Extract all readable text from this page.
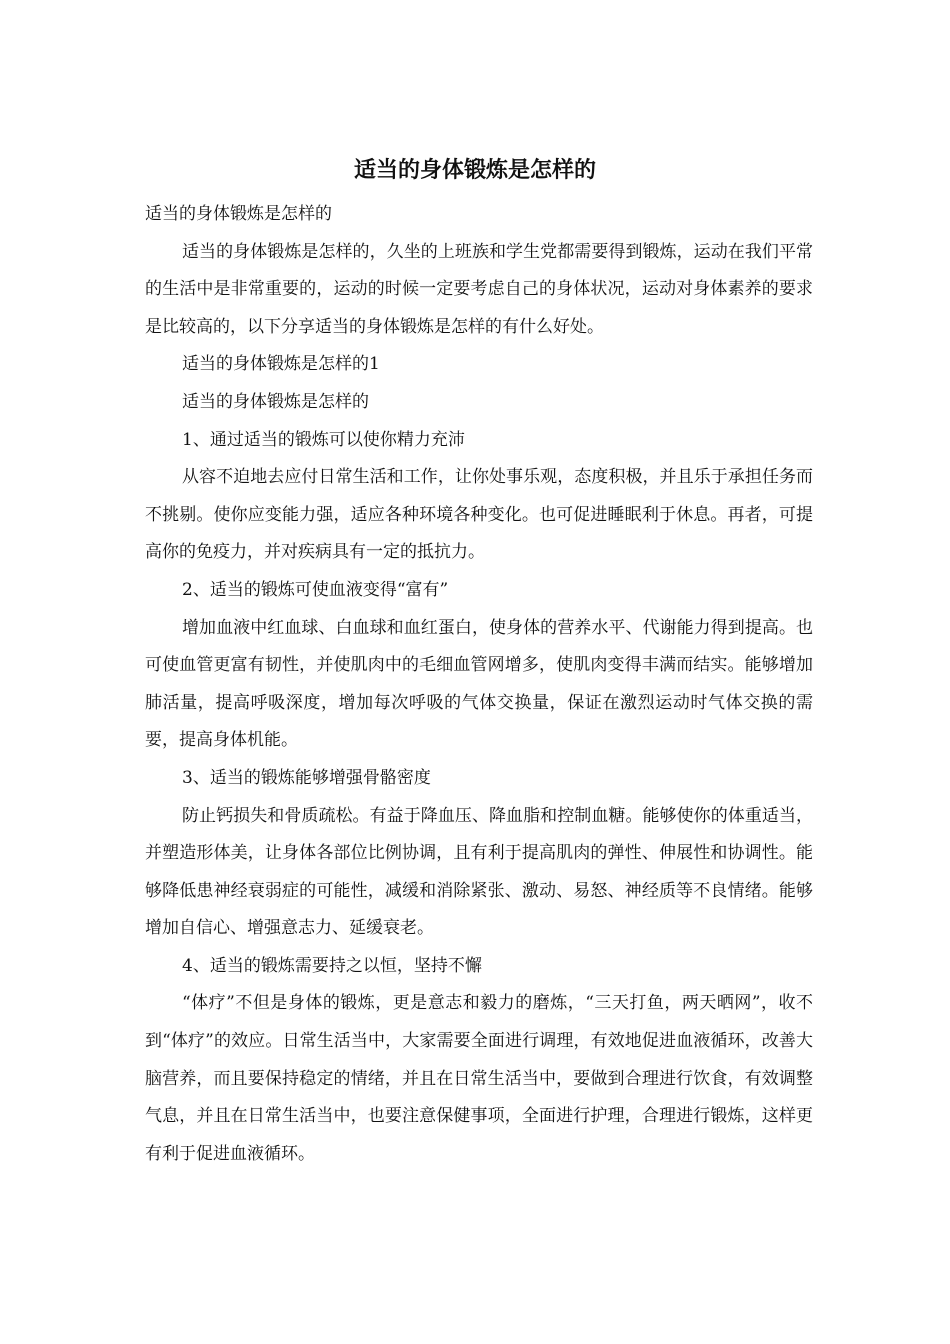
适当的身体锻炼是怎样的

适当的身体锻炼是怎样的

适当的身体锻炼是怎样的，久坐的上班族和学生党都需要得到锻炼，运动在我们平常的生活中是非常重要的，运动的时候一定要考虑自己的身体状况，运动对身体素养的要求是比较高的，以下分享适当的身体锻炼是怎样的有什么好处。

适当的身体锻炼是怎样的1

适当的身体锻炼是怎样的

1、通过适当的锻炼可以使你精力充沛

从容不迫地去应付日常生活和工作，让你处事乐观，态度积极，并且乐于承担任务而不挑剔。使你应变能力强，适应各种环境各种变化。也可促进睡眠利于休息。再者，可提高你的免疫力，并对疾病具有一定的抵抗力。

2、适当的锻炼可使血液变得“富有”

增加血液中红血球、白血球和血红蛋白，使身体的营养水平、代谢能力得到提高。也可使血管更富有韧性，并使肌肉中的毛细血管网增多，使肌肉变得丰满而结实。能够增加肺活量，提高呼吸深度，增加每次呼吸的气体交换量，保证在激烈运动时气体交换的需要，提高身体机能。

3、适当的锻炼能够增强骨骼密度

防止钙损失和骨质疏松。有益于降血压、降血脂和控制血糖。能够使你的体重适当，并塑造形体美，让身体各部位比例协调，且有利于提高肌肉的弹性、伸展性和协调性。能够降低患神经衰弱症的可能性，减缓和消除紧张、激动、易怒、神经质等不良情绪。能够增加自信心、增强意志力、延缓衰老。

4、适当的锻炼需要持之以恒，坚持不懈

“体疗”不但是身体的锻炼，更是意志和毅力的磨炼，“三天打鱼，两天晒网”，收不到“体疗”的效应。日常生活当中，大家需要全面进行调理，有效地促进血液循环，改善大脑营养，而且要保持稳定的情绪，并且在日常生活当中，要做到合理进行饮食，有效调整气息，并且在日常生活当中，也要注意保健事项，全面进行护理，合理进行锻炼，这样更有利于促进血液循环。
